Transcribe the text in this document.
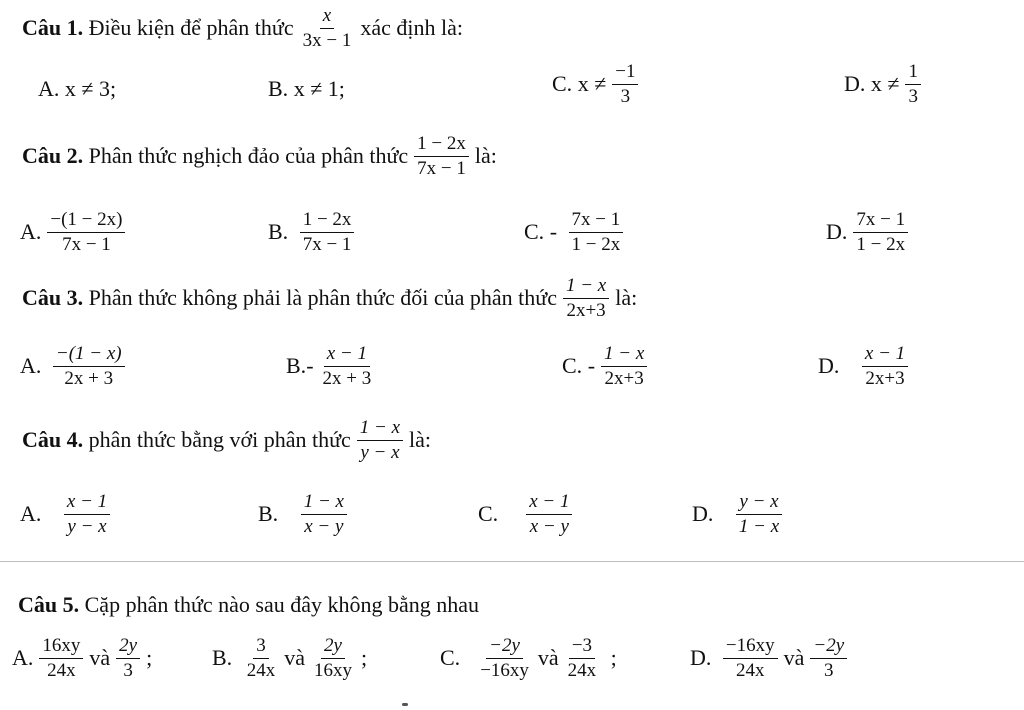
Câu 1.
Điều kiện để phân thức $\frac{x}{3x - 1}$ xác định là:
A.
x ≠ 3;	B.
x ≠ 1;	C.
$x \ne \frac{-1}{3}$	D.
$x \ne \frac{1}{3}$
Câu 2.
Phân thức nghịch đảo của phân thức $\frac{1 - 2x}{7x - 1}$ là:
A. $\frac{-(1 - 2x)}{7x - 1}$	B.
$\frac{1 - 2x}{7x - 1}$	C.
-
$\frac{7x - 1}{1 - 2x}$	D. $\frac{7x - 1}{1 - 2x}$
Câu 3.
Phân thức không phải là phân thức đối của phân thức $\frac{1 - x}{2x+3}$ là:
A.
$\frac{-(1 - x)}{2x + 3}$	B. - $\frac{x - 1}{2x + 3}$	C.
- $\frac{1 - x}{2x+3}$	D.
$\frac{x - 1}{2x+3}$
Câu 4.
phân thức bằng với phân thức $\frac{1 - x}{y - x}$ là:
A.
$\frac{x - 1}{y - x}$	B.
$\frac{1 - x}{x - y}$	C.
$\frac{x - 1}{x - y}$	D.
$\frac{y - x}{1 - x}$
Câu 5.
Cặp phân thức nào sau đây không bằng nhau
A. $\frac{16xy}{24x}$ và $\frac{2y}{3}$ ;	B.
$\frac{3}{24x}$ và $\frac{2y}{16xy}$ ;	C.
$\frac{-2y}{-16xy}$ và $\frac{-3}{24x}$
;	D.
$\frac{-16xy}{24x}$ và $\frac{-2y}{3}$
